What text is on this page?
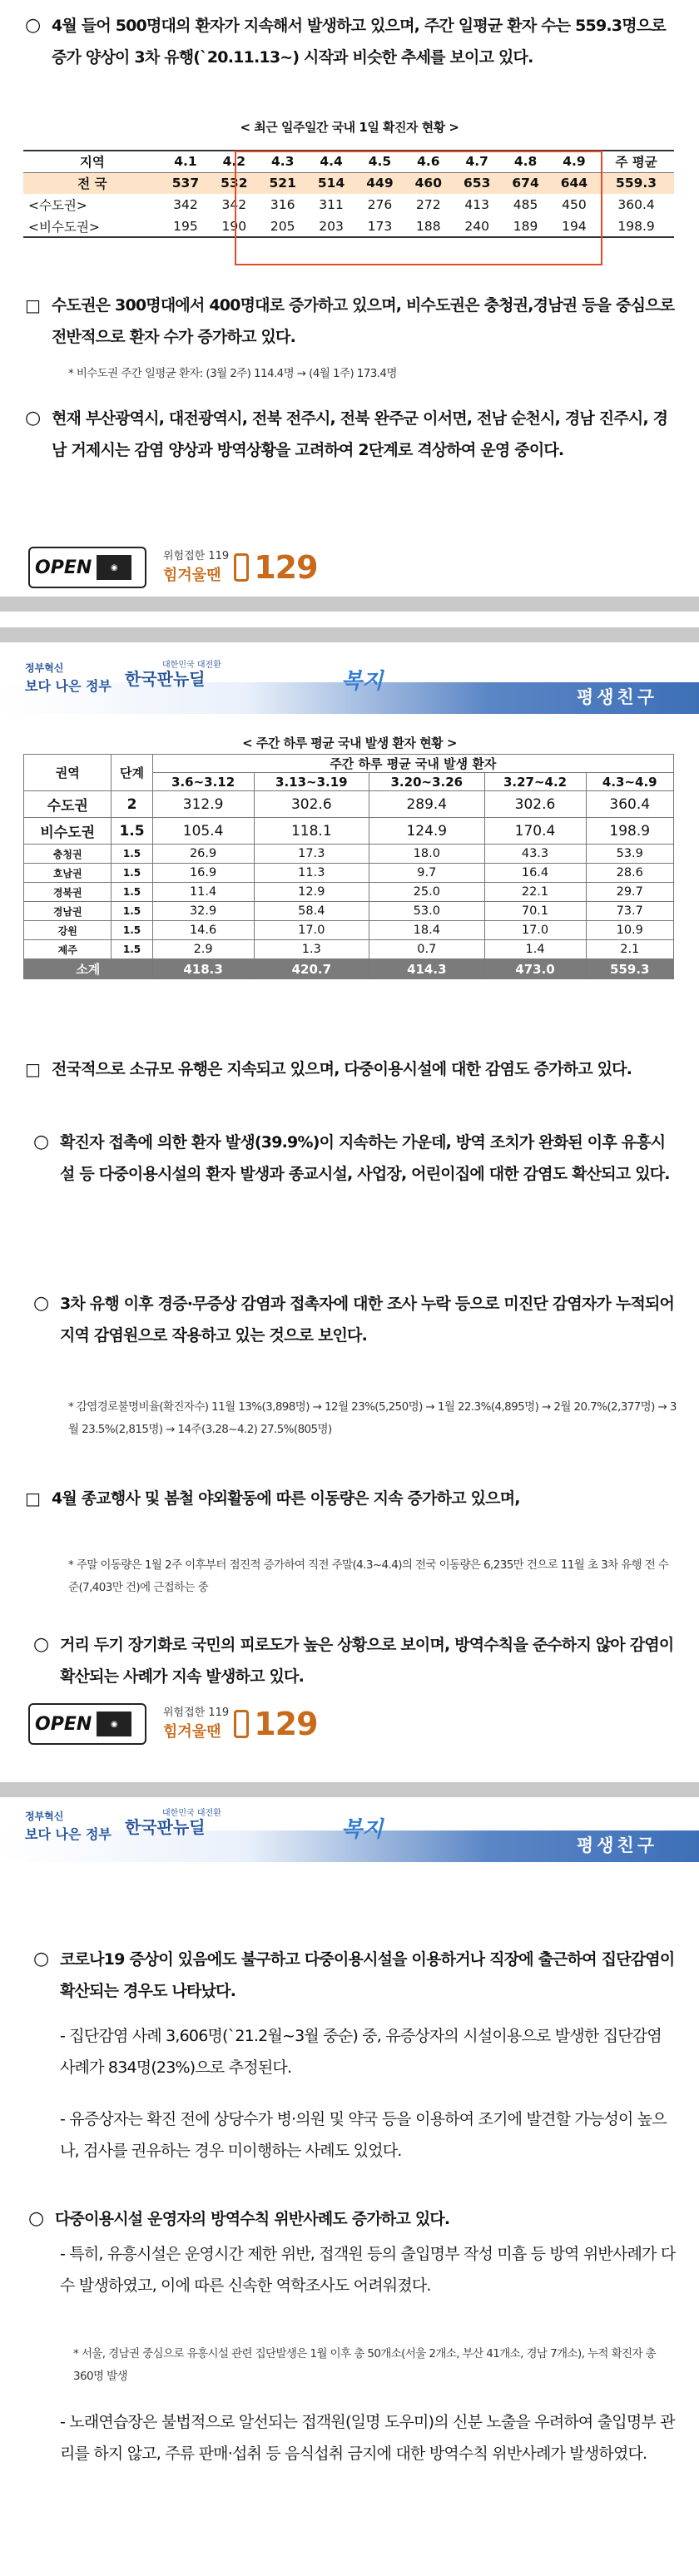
○ 4월 들어 500명대의 환자가 지속해서 발생하고 있으며, 주간 일평균 환자 수는 559.3명으로 증가 양상이 3차 유행(`20.11.13~) 시작과 비슷한 추세를 보이고 있다.
< 최근 일주일간 국내 1일 확진자 현황 >
지역	4.1	4.2	4.3	4.4	4.5	4.6	4.7	4.8	4.9	주 평균
전 국	537	532	521	514	449	460	653	674	644	559.3
<수도권>	342	342	316	311	276	272	413	485	450	360.4
<비수도권>	195	190	205	203	173	188	240	189	194	198.9
□ 수도권은 300명대에서 400명대로 증가하고 있으며, 비수도권은 충청권,경남권 등을 중심으로 전반적으로 환자 수가 증가하고 있다.
* 비수도권 주간 일평균 환자: (3월 2주) 114.4명 → (4월 1주) 173.4명
○ 현재 부산광역시, 대전광역시, 전북 전주시, 전북 완주군 이서면, 전남 순천시, 경남 진주시, 경남 거제시는 감염 양상과 방역상황을 고려하여 2단계로 격상하여 운영 중이다.
OPEN	◉
위험접한 119
힘겨울땐 129
정부혁신
보다 나은 정부
대한민국 대전환
한국판뉴딜	복지
평생친구
< 주간 하루 평균 국내 발생 환자 현황 >
권역	단계	주간 하루 평균 국내 발생 환자				
		3.6~3.12	3.13~3.19	3.20~3.26	3.27~4.2	4.3~4.9
수도권	2	312.9	302.6	289.4	302.6	360.4
비수도권	1.5	105.4	118.1	124.9	170.4	198.9
충청권	1.5	26.9	17.3	18.0	43.3	53.9
호남권	1.5	16.9	11.3	9.7	16.4	28.6
경북권	1.5	11.4	12.9	25.0	22.1	29.7
경남권	1.5	32.9	58.4	53.0	70.1	73.7
강원	1.5	14.6	17.0	18.4	17.0	10.9
제주	1.5	2.9	1.3	0.7	1.4	2.1
소계		418.3	420.7	414.3	473.0	559.3
□ 전국적으로 소규모 유행은 지속되고 있으며, 다중이용시설에 대한 감염도 증가하고 있다.
○ 확진자 접촉에 의한 환자 발생(39.9%)이 지속하는 가운데, 방역 조치가 완화된 이후 유흥시설 등 다중이용시설의 환자 발생과 종교시설, 사업장, 어린이집에 대한 감염도 확산되고 있다.
○ 3차 유행 이후 경증·무증상 감염과 접촉자에 대한 조사 누락 등으로 미진단 감염자가 누적되어 지역 감염원으로 작용하고 있는 것으로 보인다.
* 감염경로불명비율(확진자수) 11월 13%(3,898명) → 12월 23%(5,250명) → 1월 22.3%(4,895명) → 2월 20.7%(2,377명) → 3월 23.5%(2,815명) → 14주(3.28~4.2) 27.5%(805명)
□ 4월 종교행사 및 봄철 야외활동에 따른 이동량은 지속 증가하고 있으며,
* 주말 이동량은 1월 2주 이후부터 점진적 증가하여 직전 주말(4.3~4.4)의 전국 이동량은 6,235만 건으로 11월 초 3차 유행 전 수준(7,403만 건)에 근접하는 중
○ 거리 두기 장기화로 국민의 피로도가 높은 상황으로 보이며, 방역수칙을 준수하지 않아 감염이 확산되는 사례가 지속 발생하고 있다.
OPEN	◉
위험접한 119
힘겨울땐 129
정부혁신
보다 나은 정부
대한민국 대전환
한국판뉴딜	복지
평생친구
○ 코로나19 증상이 있음에도 불구하고 다중이용시설을 이용하거나 직장에 출근하여 집단감염이 확산되는 경우도 나타났다.
- 집단감염 사례 3,606명(`21.2월~3월 중순) 중, 유증상자의 시설이용으로 발생한 집단감염 사례가 834명(23%)으로 추정된다.
- 유증상자는 확진 전에 상당수가 병·의원 및 약국 등을 이용하여 조기에 발견할 가능성이 높으나, 검사를 권유하는 경우 미이행하는 사례도 있었다.
○ 다중이용시설 운영자의 방역수칙 위반사례도 증가하고 있다.
- 특히, 유흥시설은 운영시간 제한 위반, 접객원 등의 출입명부 작성 미흡 등 방역 위반사례가 다수 발생하였고, 이에 따른 신속한 역학조사도 어려워졌다.
* 서울, 경남권 중심으로 유흥시설 관련 집단발생은 1월 이후 총 50개소(서울 2개소, 부산 41개소, 경남 7개소), 누적 확진자 총 360명 발생
- 노래연습장은 불법적으로 알선되는 접객원(일명 도우미)의 신분 노출을 우려하여 출입명부 관리를 하지 않고, 주류 판매·섭취 등 음식섭취 금지에 대한 방역수칙 위반사례가 발생하였다.
